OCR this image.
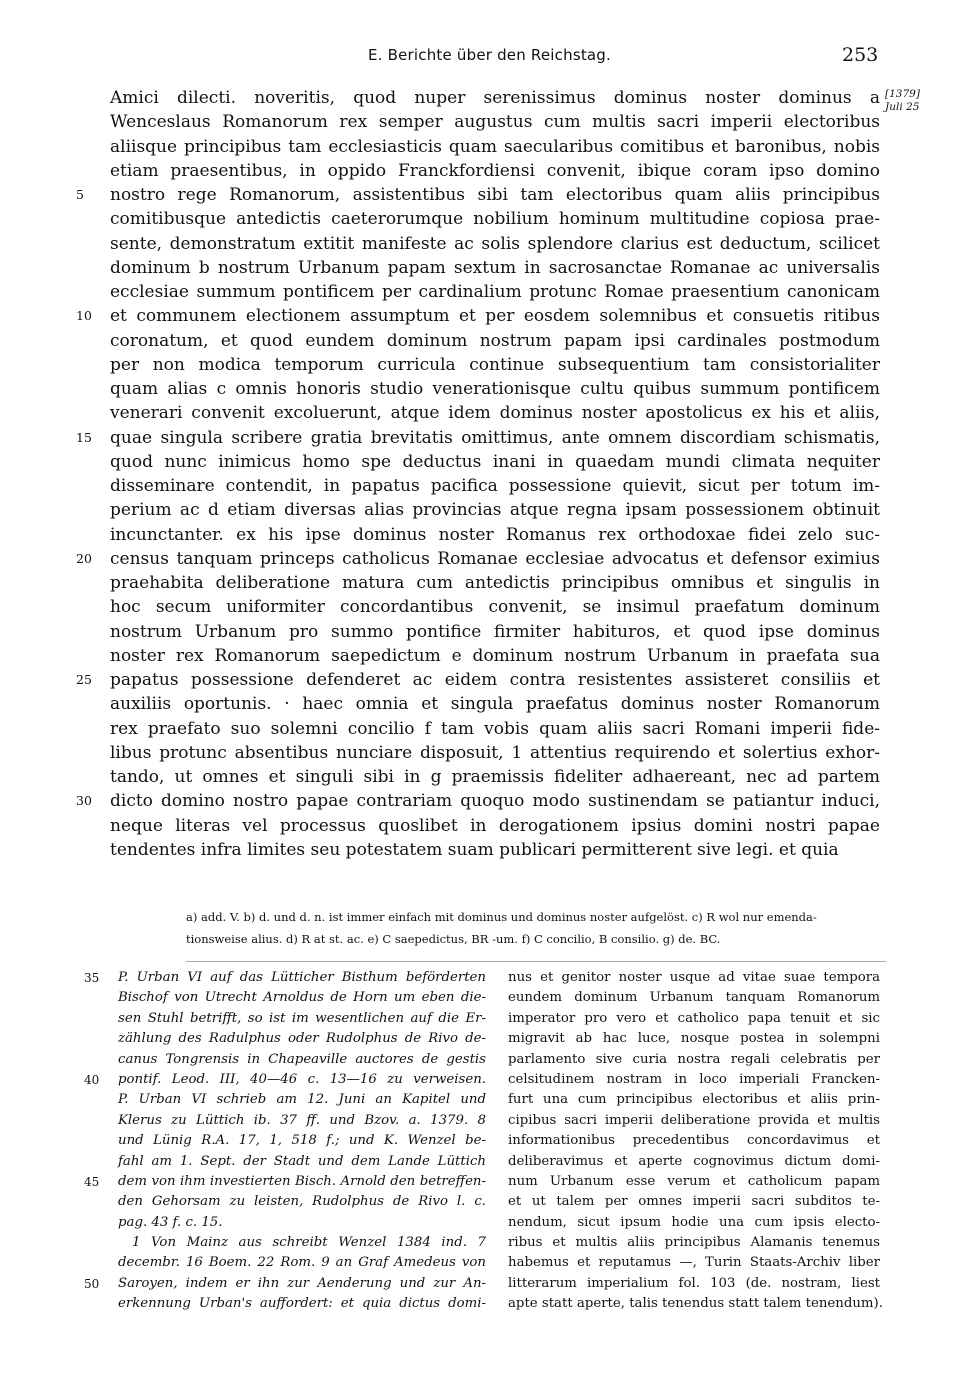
E. Berichte über den Reichstag.	253
[1379]
Juli 25
Amici dilecti. noveritis, quod nuper serenissimus dominus noster dominus a
Wenceslaus Romanorum rex semper augustus cum multis sacri imperii electoribus
aliisque principibus tam ecclesiasticis quam saecularibus comitibus et baronibus, nobis
etiam praesentibus, in oppido Franckfordiensi convenit, ibique coram ipso domino
5	nostro rege Romanorum, assistentibus sibi tam electoribus quam aliis principibus
comitibusque antedictis caeterorumque nobilium hominum multitudine copiosa prae-
sente, demonstratum extitit manifeste ac solis splendore clarius est deductum, scilicet
dominum b nostrum Urbanum papam sextum in sacrosanctae Romanae ac universalis
ecclesiae summum pontificem per cardinalium protunc Romae praesentium canonicam
10 et communem electionem assumptum et per eosdem solemnibus et consuetis ritibus
coronatum, et quod eundem dominum nostrum papam ipsi cardinales postmodum
per non modica temporum curricula continue subsequentium tam consistorialiter
quam alias c omnis honoris studio venerationisque cultu quibus summum pontificem
venerari convenit excoluerunt, atque idem dominus noster apostolicus ex his et aliis,
15 quae singula scribere gratia brevitatis omittimus, ante omnem discordiam schismatis,
quod nunc inimicus homo spe deductus inani in quaedam mundi climata nequiter
disseminare contendit, in papatus pacifica possessione quievit, sicut per totum im-
perium ac d etiam diversas alias provincias atque regna ipsam possessionem obtinuit
incunctanter. ex his ipse dominus noster Romanus rex orthodoxae fidei zelo suc-
20 census tanquam princeps catholicus Romanae ecclesiae advocatus et defensor eximius
praehabita deliberatione matura cum antedictis principibus omnibus et singulis in
hoc secum uniformiter concordantibus convenit, se insimul praefatum dominum
nostrum Urbanum pro summo pontifice firmiter habituros, et quod ipse dominus
noster rex Romanorum saepedictum e dominum nostrum Urbanum in praefata sua
25 papatus possessione defenderet ac eidem contra resistentes assisteret consiliis et
auxiliis oportunis. · haec omnia et singula praefatus dominus noster Romanorum
rex praefato suo solemni concilio f tam vobis quam aliis sacri Romani imperii fide-
libus protunc absentibus nunciare disposuit, 1 attentius requirendo et solertius exhor-
tando, ut omnes et singuli sibi in g praemissis fideliter adhaereant, nec ad partem
30 dicto domino nostro papae contrariam quoquo modo sustinendam se patiantur induci,
neque literas vel processus quoslibet in derogationem ipsius domini nostri papae
tendentes infra limites seu potestatem suam publicari permitterent sive legi. et quia
a) add. V. b) d. und d. n. ist immer einfach mit dominus und dominus noster aufgelöst. c) R wol nur emenda-
tionsweise alius. d) R at st. ac. e) C saepedictus, BR -um. f) C concilio, B consilio. g) de. BC.
35	P. Urban VI auf das Lütticher Bisthum beförderten
Bischof von Utrecht Arnoldus de Horn um eben die-
sen Stuhl betrifft, so ist im wesentlichen auf die Er-
zählung des Radulphus oder Rudolphus de Rivo de-
canus Tongrensis in Chapeaville auctores de gestis
40	pontif. Leod. III, 40—46 c. 13—16 zu verweisen.
P. Urban VI schrieb am 12. Juni an Kapitel und
Klerus zu Lüttich ib. 37 ff. und Bzov. a. 1379. 8
und Lünig R.A. 17, 1, 518 f.; und K. Wenzel be-
fahl am 1. Sept. der Stadt und dem Lande Lüttich
45	dem von ihm investierten Bisch. Arnold den betreffen-
den Gehorsam zu leisten, Rudolphus de Rivo l. c.
pag. 43 f. c. 15.
1 Von Mainz aus schreibt Wenzel 1384 ind. 7
decembr. 16 Boem. 22 Rom. 9 an Graf Amedeus von
50	Saroyen, indem er ihn zur Aenderung und zur An-
erkennung Urban's auffordert: et quia dictus domi-
nus et genitor noster usque ad vitae suae tempora
eundem dominum Urbanum tanquam Romanorum
imperator pro vero et catholico papa tenuit et sic
migravit ab hac luce, nosque postea in solempni
parlamento sive curia nostra regali celebratis per
celsitudinem nostram in loco imperiali Francken-
furt una cum principibus electoribus et aliis prin-
cipibus sacri imperii deliberatione provida et multis
informationibus precedentibus concordavimus et
deliberavimus et aperte cognovimus dictum domi-
num Urbanum esse verum et catholicum papam
et ut talem per omnes imperii sacri subditos te-
nendum, sicut ipsum hodie una cum ipsis electo-
ribus et multis aliis principibus Alamanis tenemus
habemus et reputamus —, Turin Staats-Archiv liber
litterarum imperialium fol. 103 (de. nostram, liest
apte statt aperte, talis tenendus statt talem tenendum).
